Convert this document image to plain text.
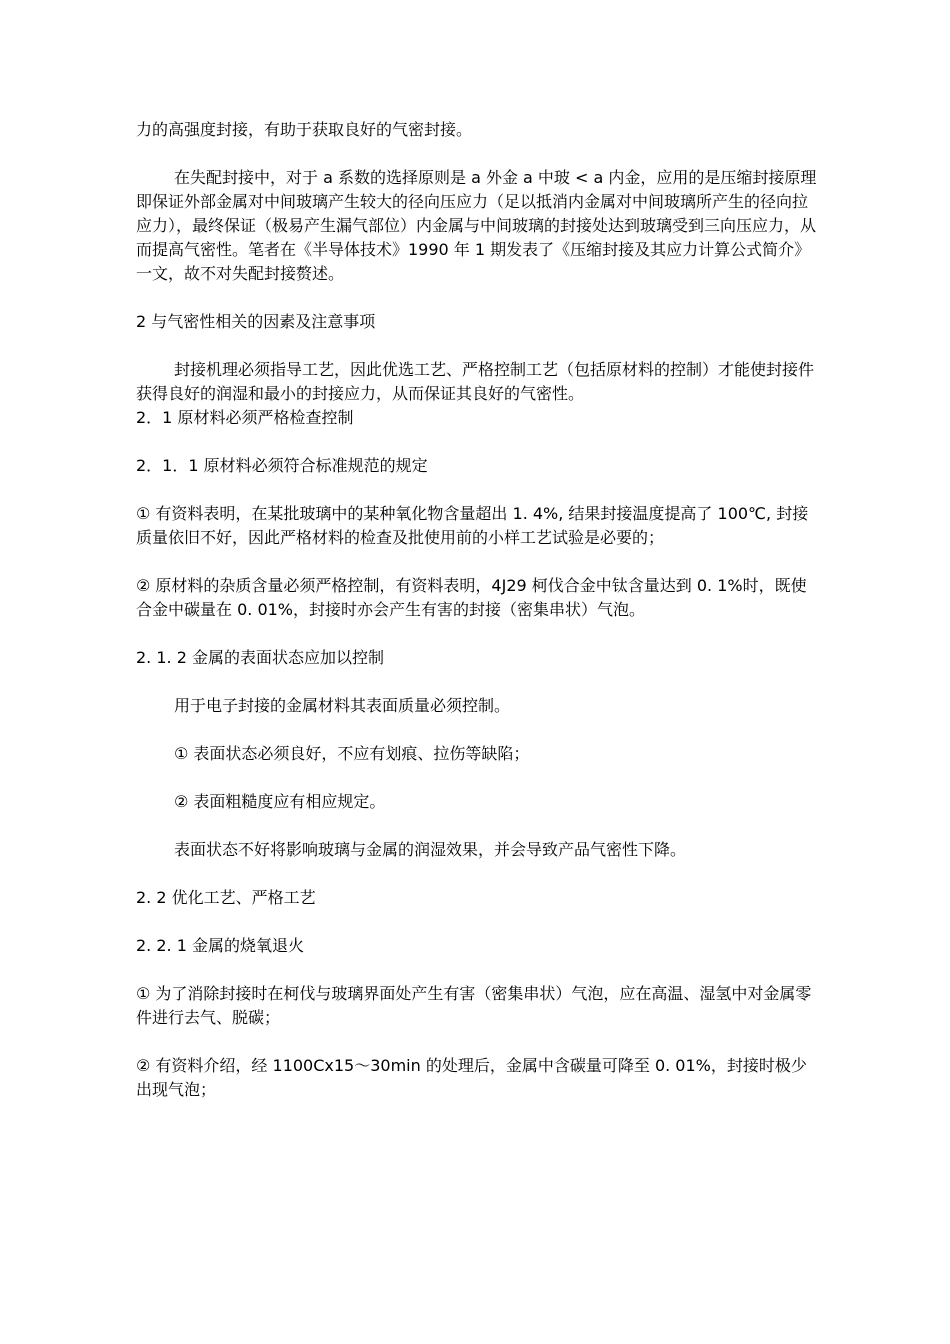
力的高强度封接，有助于获取良好的气密封接。

在失配封接中，对于 a 系数的选择原则是 a 外金 a 中玻 < a 内金，应用的是压缩封接原理即保证外部金属对中间玻璃产生较大的径向压应力（足以抵消内金属对中间玻璃所产生的径向拉应力），最终保证（极易产生漏气部位）内金属与中间玻璃的封接处达到玻璃受到三向压应力，从而提高气密性。笔者在《半导体技术》1990 年 1 期发表了《压缩封接及其应力计算公式简介》一文，故不对失配封接赘述。

2 与气密性相关的因素及注意事项

封接机理必须指导工艺，因此优选工艺、严格控制工艺（包括原材料的控制）才能使封接件获得良好的润湿和最小的封接应力，从而保证其良好的气密性。

2．1 原材料必须严格检查控制

2．1．1 原材料必须符合标准规范的规定

① 有资料表明，在某批玻璃中的某种氧化物含量超出 1. 4%, 结果封接温度提高了 100℃, 封接质量依旧不好，因此严格材料的检查及批使用前的小样工艺试验是必要的；

② 原材料的杂质含量必须严格控制，有资料表明，4J29 柯伐合金中钛含量达到 0. 1%时，既使合金中碳量在 0. 01%，封接时亦会产生有害的封接（密集串状）气泡。

2. 1. 2 金属的表面状态应加以控制

用于电子封接的金属材料其表面质量必须控制。

① 表面状态必须良好，不应有划痕、拉伤等缺陷；

② 表面粗糙度应有相应规定。

表面状态不好将影响玻璃与金属的润湿效果，并会导致产品气密性下降。

2. 2 优化工艺、严格工艺

2. 2. 1 金属的烧氧退火

① 为了消除封接时在柯伐与玻璃界面处产生有害（密集串状）气泡，应在高温、湿氢中对金属零件进行去气、脱碳；

② 有资料介绍，经 1100Cx15～30min 的处理后，金属中含碳量可降至 0. 01%，封接时极少出现气泡；
